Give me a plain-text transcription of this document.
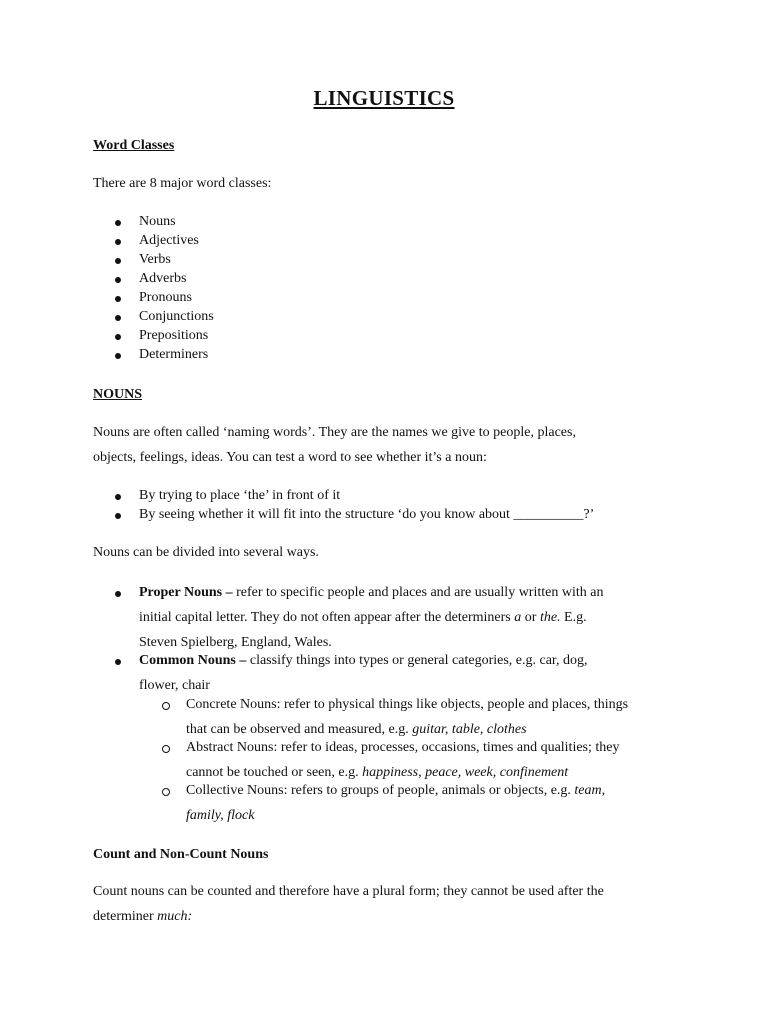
LINGUISTICS
Word Classes
There are 8 major word classes:
Nouns
Adjectives
Verbs
Adverbs
Pronouns
Conjunctions
Prepositions
Determiners
NOUNS
Nouns are often called ‘naming words’. They are the names we give to people, places,
objects, feelings, ideas. You can test a word to see whether it’s a noun:
By trying to place ‘the’ in front of it
By seeing whether it will fit into the structure ‘do you know about __________?’
Nouns can be divided into several ways.
Proper Nouns – refer to specific people and places and are usually written with an
initial capital letter. They do not often appear after the determiners a or the. E.g.
Steven Spielberg, England, Wales.
Common Nouns – classify things into types or general categories, e.g. car, dog,
flower, chair
Concrete Nouns: refer to physical things like objects, people and places, things
that can be observed and measured, e.g. guitar, table, clothes
Abstract Nouns: refer to ideas, processes, occasions, times and qualities; they
cannot be touched or seen, e.g. happiness, peace, week, confinement
Collective Nouns: refers to groups of people, animals or objects, e.g. team,
family, flock
Count and Non-Count Nouns
Count nouns can be counted and therefore have a plural form; they cannot be used after the
determiner much:
